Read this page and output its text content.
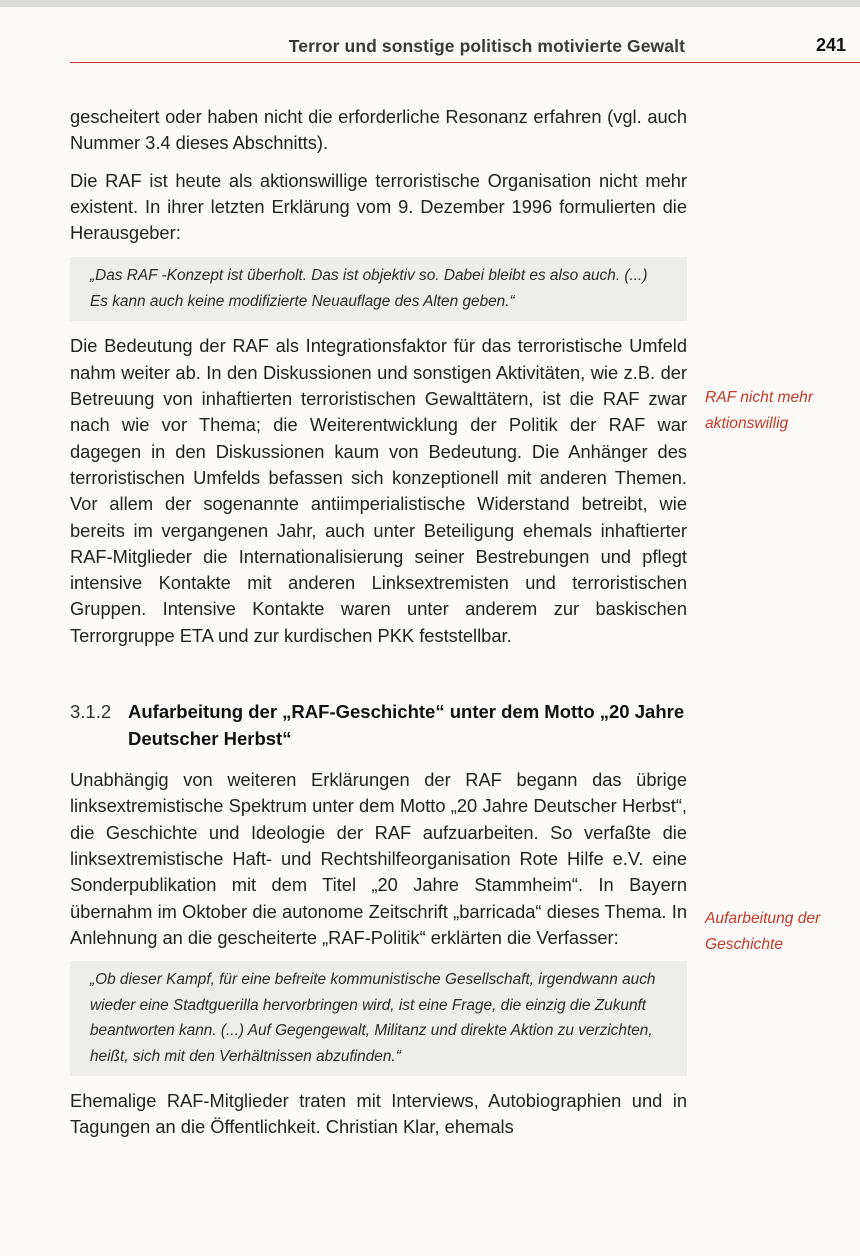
Terror und sonstige politisch motivierte Gewalt	241

gescheitert oder haben nicht die erforderliche Resonanz erfahren (vgl. auch Nummer 3.4 dieses Abschnitts).

Die RAF ist heute als aktionswillige terroristische Organisation nicht mehr existent. In ihrer letzten Erklärung vom 9. Dezember 1996 formulierten die Herausgeber:

„Das RAF -Konzept ist überholt. Das ist objektiv so. Dabei bleibt es also auch. (...) Es kann auch keine modifizierte Neuauflage des Alten geben.“

Die Bedeutung der RAF als Integrationsfaktor für das terroristische Umfeld nahm weiter ab. In den Diskussionen und sonstigen Aktivitäten, wie z.B. der Betreuung von inhaftierten terroristischen Gewalttätern, ist die RAF zwar nach wie vor Thema; die Weiterentwicklung der Politik der RAF war dagegen in den Diskussionen kaum von Bedeutung. Die Anhänger des terroristischen Umfelds befassen sich konzeptionell mit anderen Themen. Vor allem der sogenannte antiimperialistische Widerstand betreibt, wie bereits im vergangenen Jahr, auch unter Beteiligung ehemals inhaftierter RAF-Mitglieder die Internationalisierung seiner Bestrebungen und pflegt intensive Kontakte mit anderen Linksextremisten und terroristischen Gruppen. Intensive Kontakte waren unter anderem zur baskischen Terrorgruppe ETA und zur kurdischen PKK feststellbar.

3.1.2 Aufarbeitung der „RAF-Geschichte“ unter dem Motto „20 Jahre Deutscher Herbst“

Unabhängig von weiteren Erklärungen der RAF begann das übrige linksextremistische Spektrum unter dem Motto „20 Jahre Deutscher Herbst“, die Geschichte und Ideologie der RAF aufzuarbeiten. So verfaßte die linksextremistische Haft- und Rechtshilfeorganisation Rote Hilfe e.V. eine Sonderpublikation mit dem Titel „20 Jahre Stammheim“. In Bayern übernahm im Oktober die autonome Zeitschrift „barricada“ dieses Thema. In Anlehnung an die gescheiterte „RAF-Politik“ erklärten die Verfasser:

„Ob dieser Kampf, für eine befreite kommunistische Gesellschaft, irgendwann auch wieder eine Stadtguerilla hervorbringen wird, ist eine Frage, die einzig die Zukunft beantworten kann. (...) Auf Gegengewalt, Militanz und direkte Aktion zu verzichten, heißt, sich mit den Verhältnissen abzufinden.“

Ehemalige RAF-Mitglieder traten mit Interviews, Autobiographien und in Tagungen an die Öffentlichkeit. Christian Klar, ehemals

RAF nicht mehr
aktionswillig
Aufarbeitung der
Geschichte
